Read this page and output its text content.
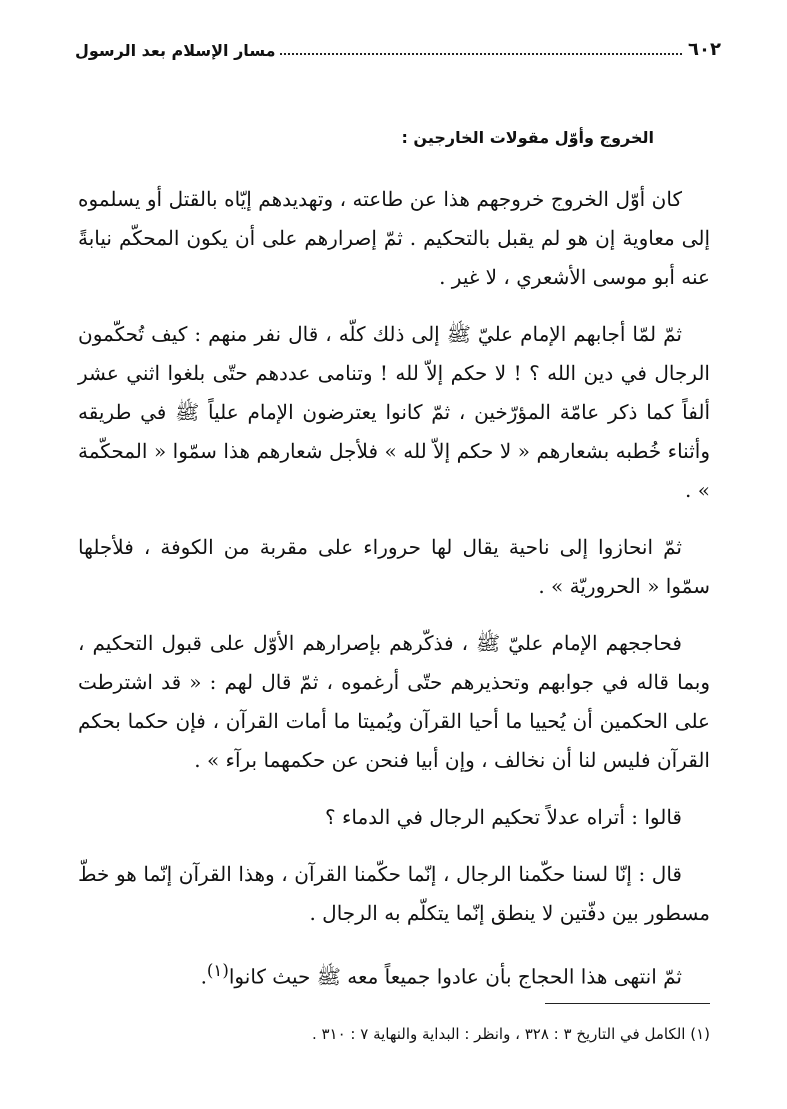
٦٠٢
مسار الإسلام بعد الرسول
الخروج وأوّل مقولات الخارجين :

كان أوّل الخروج خروجهم هذا عن طاعته ، وتهديدهم إيّاه بالقتل أو يسلموه إلى معاوية إن هو لم يقبل بالتحكيم . ثمّ إصرارهم على أن يكون المحكّم نيابةً عنه أبو موسى الأشعري ، لا غير .

ثمّ لمّا أجابهم الإمام عليّ ﷺ إلى ذلك كلّه ، قال نفر منهم : كيف تُحكّمون الرجال في دين الله ؟ ! لا حكم إلاّ لله ! وتنامى عددهم حتّى بلغوا اثني عشر ألفاً كما ذكر عامّة المؤرّخين ، ثمّ كانوا يعترضون الإمام علياً ﷺ في طريقه وأثناء خُطبه بشعارهم « لا حكم إلاّ لله » فلأجل شعارهم هذا سمّوا « المحكّمة » .

ثمّ انحازوا إلى ناحية يقال لها حروراء على مقربة من الكوفة ، فلأجلها سمّوا « الحروريّة » .

فحاججهم الإمام عليّ ﷺ ، فذكّرهم بإصرارهم الأوّل على قبول التحكيم ، وبما قاله في جوابهم وتحذيرهم حتّى أرغموه ، ثمّ قال لهم : « قد اشترطت على الحكمين أن يُحييا ما أحيا القرآن ويُميتا ما أمات القرآن ، فإن حكما بحكم القرآن فليس لنا أن نخالف ، وإن أبيا فنحن عن حكمهما برآء » .

قالوا : أتراه عدلاً تحكيم الرجال في الدماء ؟

قال : إنّا لسنا حكّمنا الرجال ، إنّما حكّمنا القرآن ، وهذا القرآن إنّما هو خطّ مسطور بين دفّتين لا ينطق إنّما يتكلّم به الرجال .

ثمّ انتهى هذا الحجاج بأن عادوا جميعاً معه ﷺ حيث كانوا$^{(١)}$.

(١) الكامل في التاريخ ٣ : ٣٢٨ ، وانظر : البداية والنهاية ٧ : ٣١٠ .
